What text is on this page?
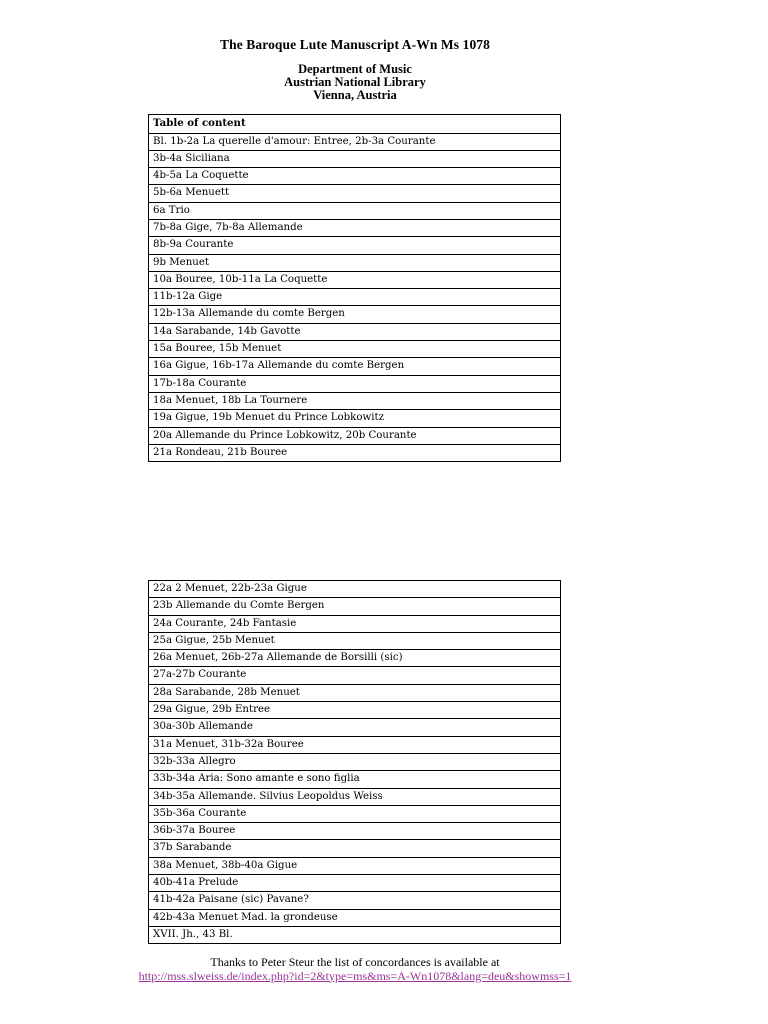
The Baroque Lute Manuscript A-Wn Ms 1078
Department of Music
Austrian National Library
Vienna, Austria
Table of content
Bl. 1b-2a La querelle d'amour: Entree, 2b-3a Courante
3b-4a Siciliana
4b-5a La Coquette
5b-6a Menuett
6a Trio
7b-8a Gige, 7b-8a Allemande
8b-9a Courante
9b Menuet
10a Bouree, 10b-11a La Coquette
11b-12a Gige
12b-13a Allemande du comte Bergen
14a Sarabande, 14b Gavotte
15a Bouree, 15b Menuet
16a Gigue, 16b-17a Allemande du comte Bergen
17b-18a Courante
18a Menuet, 18b La Tournere
19a Gigue, 19b Menuet du Prince Lobkowitz
20a Allemande du Prince Lobkowitz, 20b Courante
21a Rondeau, 21b Bouree
22a 2 Menuet, 22b-23a Gigue
23b Allemande du Comte Bergen
24a Courante, 24b Fantasie
25a Gigue, 25b Menuet
26a Menuet, 26b-27a Allemande de Borsilli (sic)
27a-27b Courante
28a Sarabande, 28b Menuet
29a Gigue, 29b Entree
30a-30b Allemande
31a Menuet, 31b-32a Bouree
32b-33a Allegro
33b-34a Aria: Sono amante e sono figlia
34b-35a Allemande. Silvius Leopoldus Weiss
35b-36a Courante
36b-37a Bouree
37b Sarabande
38a Menuet, 38b-40a Gigue
40b-41a Prelude
41b-42a Paisane (sic) Pavane?
42b-43a Menuet Mad. la grondeuse
XVII. Jh., 43 Bl.
Thanks to Peter Steur the list of concordances is available at
http://mss.slweiss.de/index.php?id=2&type=ms&ms=A-Wn1078&lang=deu&showmss=1
